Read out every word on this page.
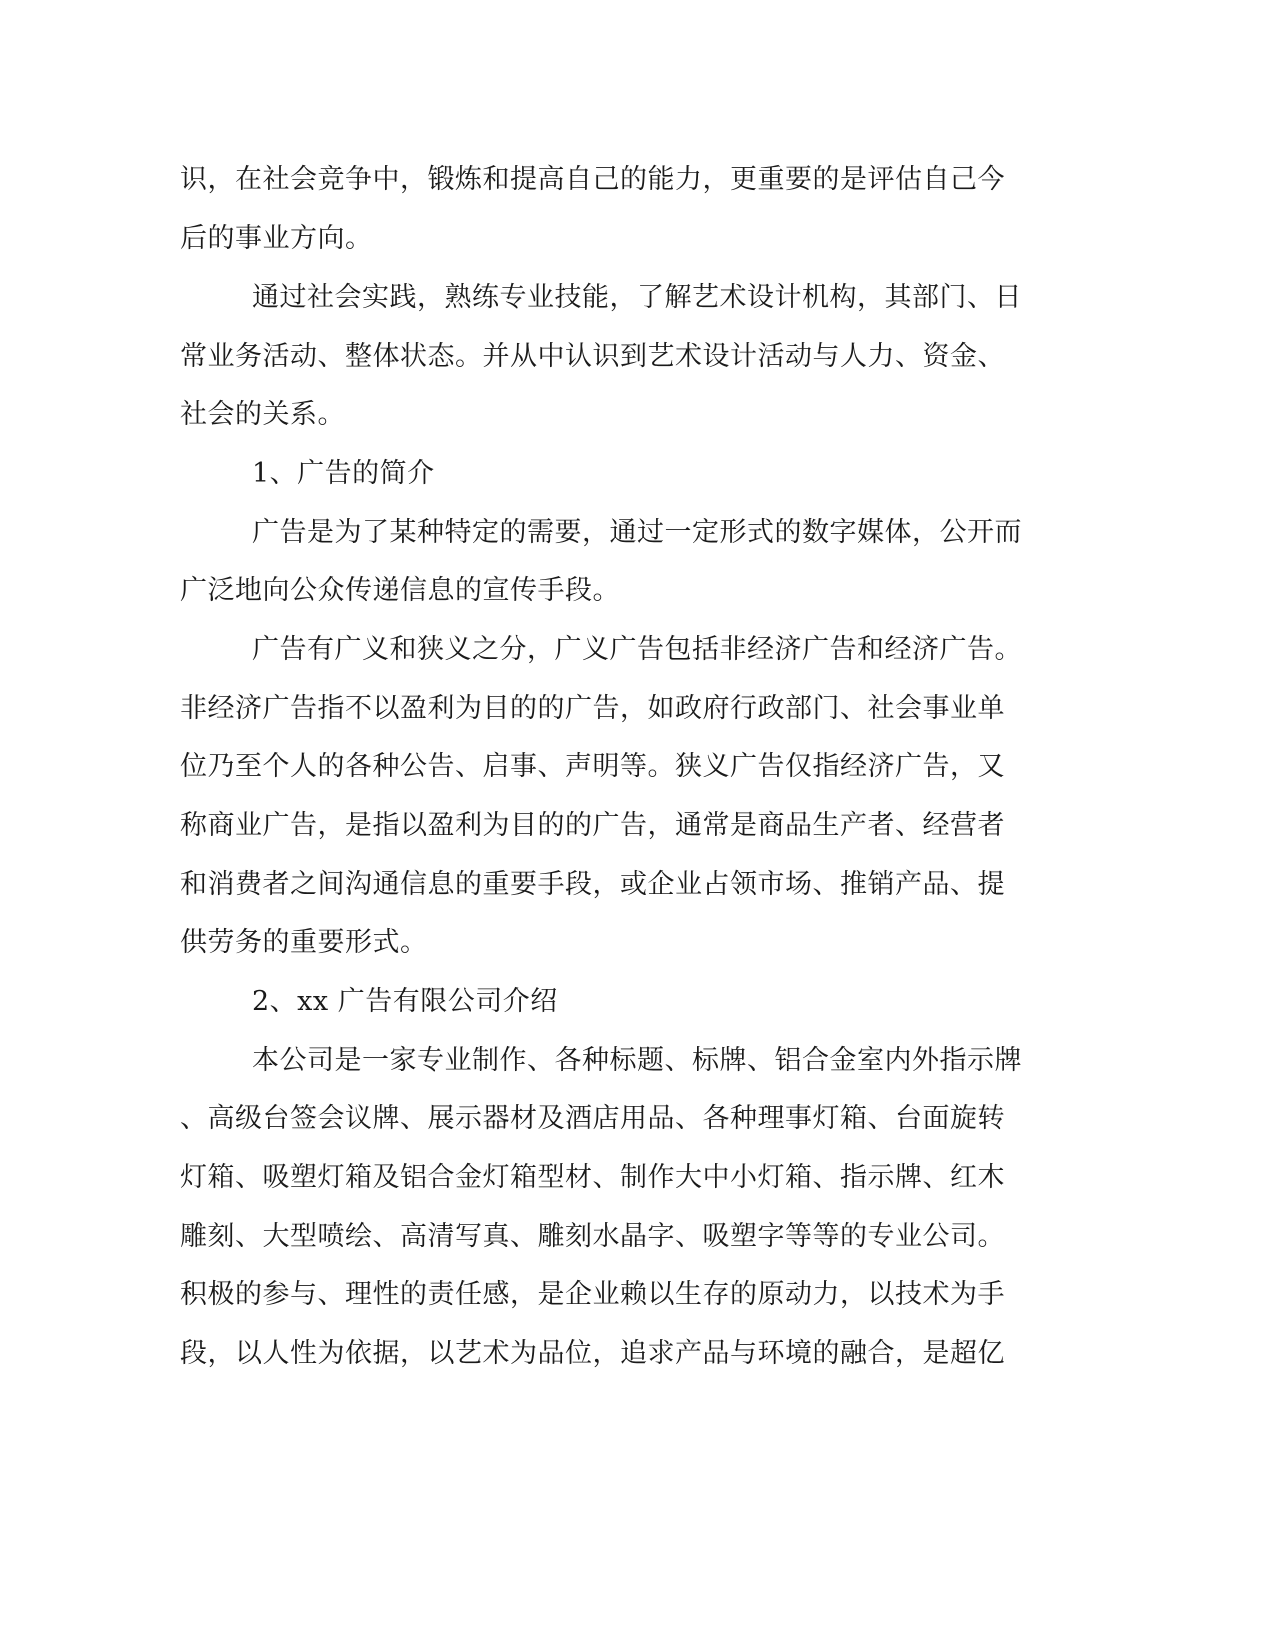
识，在社会竞争中，锻炼和提高自己的能力，更重要的是评估自己今

后的事业方向。

通过社会实践，熟练专业技能，了解艺术设计机构，其部门、日

常业务活动、整体状态。并从中认识到艺术设计活动与人力、资金、

社会的关系。

1、广告的简介

广告是为了某种特定的需要，通过一定形式的数字媒体，公开而

广泛地向公众传递信息的宣传手段。

广告有广义和狭义之分，广义广告包括非经济广告和经济广告。

非经济广告指不以盈利为目的的广告，如政府行政部门、社会事业单

位乃至个人的各种公告、启事、声明等。狭义广告仅指经济广告，又

称商业广告，是指以盈利为目的的广告，通常是商品生产者、经营者

和消费者之间沟通信息的重要手段，或企业占领市场、推销产品、提

供劳务的重要形式。

2、xx 广告有限公司介绍

本公司是一家专业制作、各种标题、标牌、铝合金室内外指示牌

、高级台签会议牌、展示器材及酒店用品、各种理事灯箱、台面旋转

灯箱、吸塑灯箱及铝合金灯箱型材、制作大中小灯箱、指示牌、红木

雕刻、大型喷绘、高清写真、雕刻水晶字、吸塑字等等的专业公司。

积极的参与、理性的责任感，是企业赖以生存的原动力，以技术为手

段，以人性为依据，以艺术为品位，追求产品与环境的融合，是超亿
